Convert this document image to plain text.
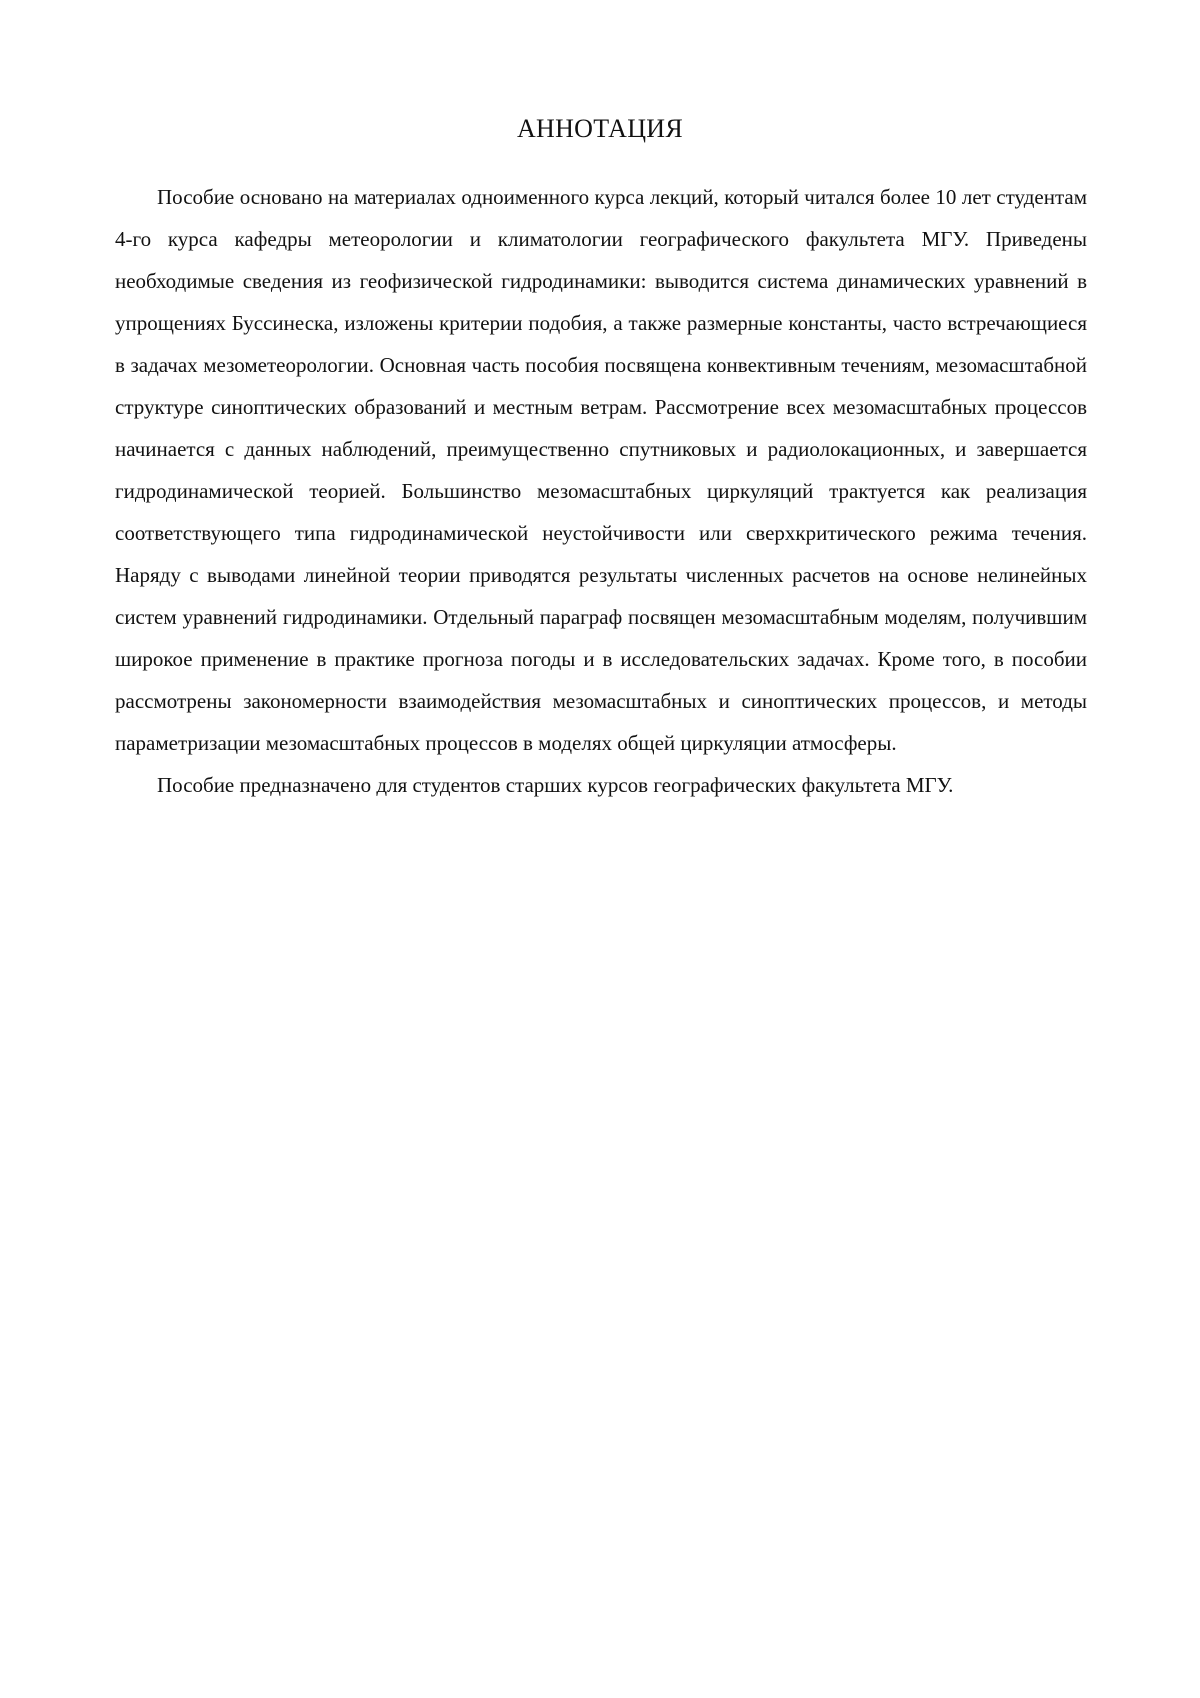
АННОТАЦИЯ

Пособие основано на материалах одноименного курса лекций, который читался более 10 лет студентам 4-го курса кафедры метеорологии и климатологии географического факультета МГУ. Приведены необходимые сведения из геофизической гидродинамики: выводится система динамических уравнений в упрощениях Буссинеска, изложены критерии подобия, а также размерные константы, часто встречающиеся в задачах мезометеорологии. Основная часть пособия посвящена конвективным течениям, мезомасштабной структуре синоптических образований и местным ветрам. Рассмотрение всех мезомасштабных процессов начинается с данных наблюдений, преимущественно спутниковых и радиолокационных, и завершается гидродинамической теорией. Большинство мезомасштабных циркуляций трактуется как реализация соответствующего типа гидродинамической неустойчивости или сверхкритического режима течения. Наряду с выводами линейной теории приводятся результаты численных расчетов на основе нелинейных систем уравнений гидродинамики. Отдельный параграф посвящен мезомасштабным моделям, получившим широкое применение в практике прогноза погоды и в исследовательских задачах. Кроме того, в пособии рассмотрены закономерности взаимодействия мезомасштабных и синоптических процессов, и методы параметризации мезомасштабных процессов в моделях общей циркуляции атмосферы.

Пособие предназначено для студентов старших курсов географических факультета МГУ.
